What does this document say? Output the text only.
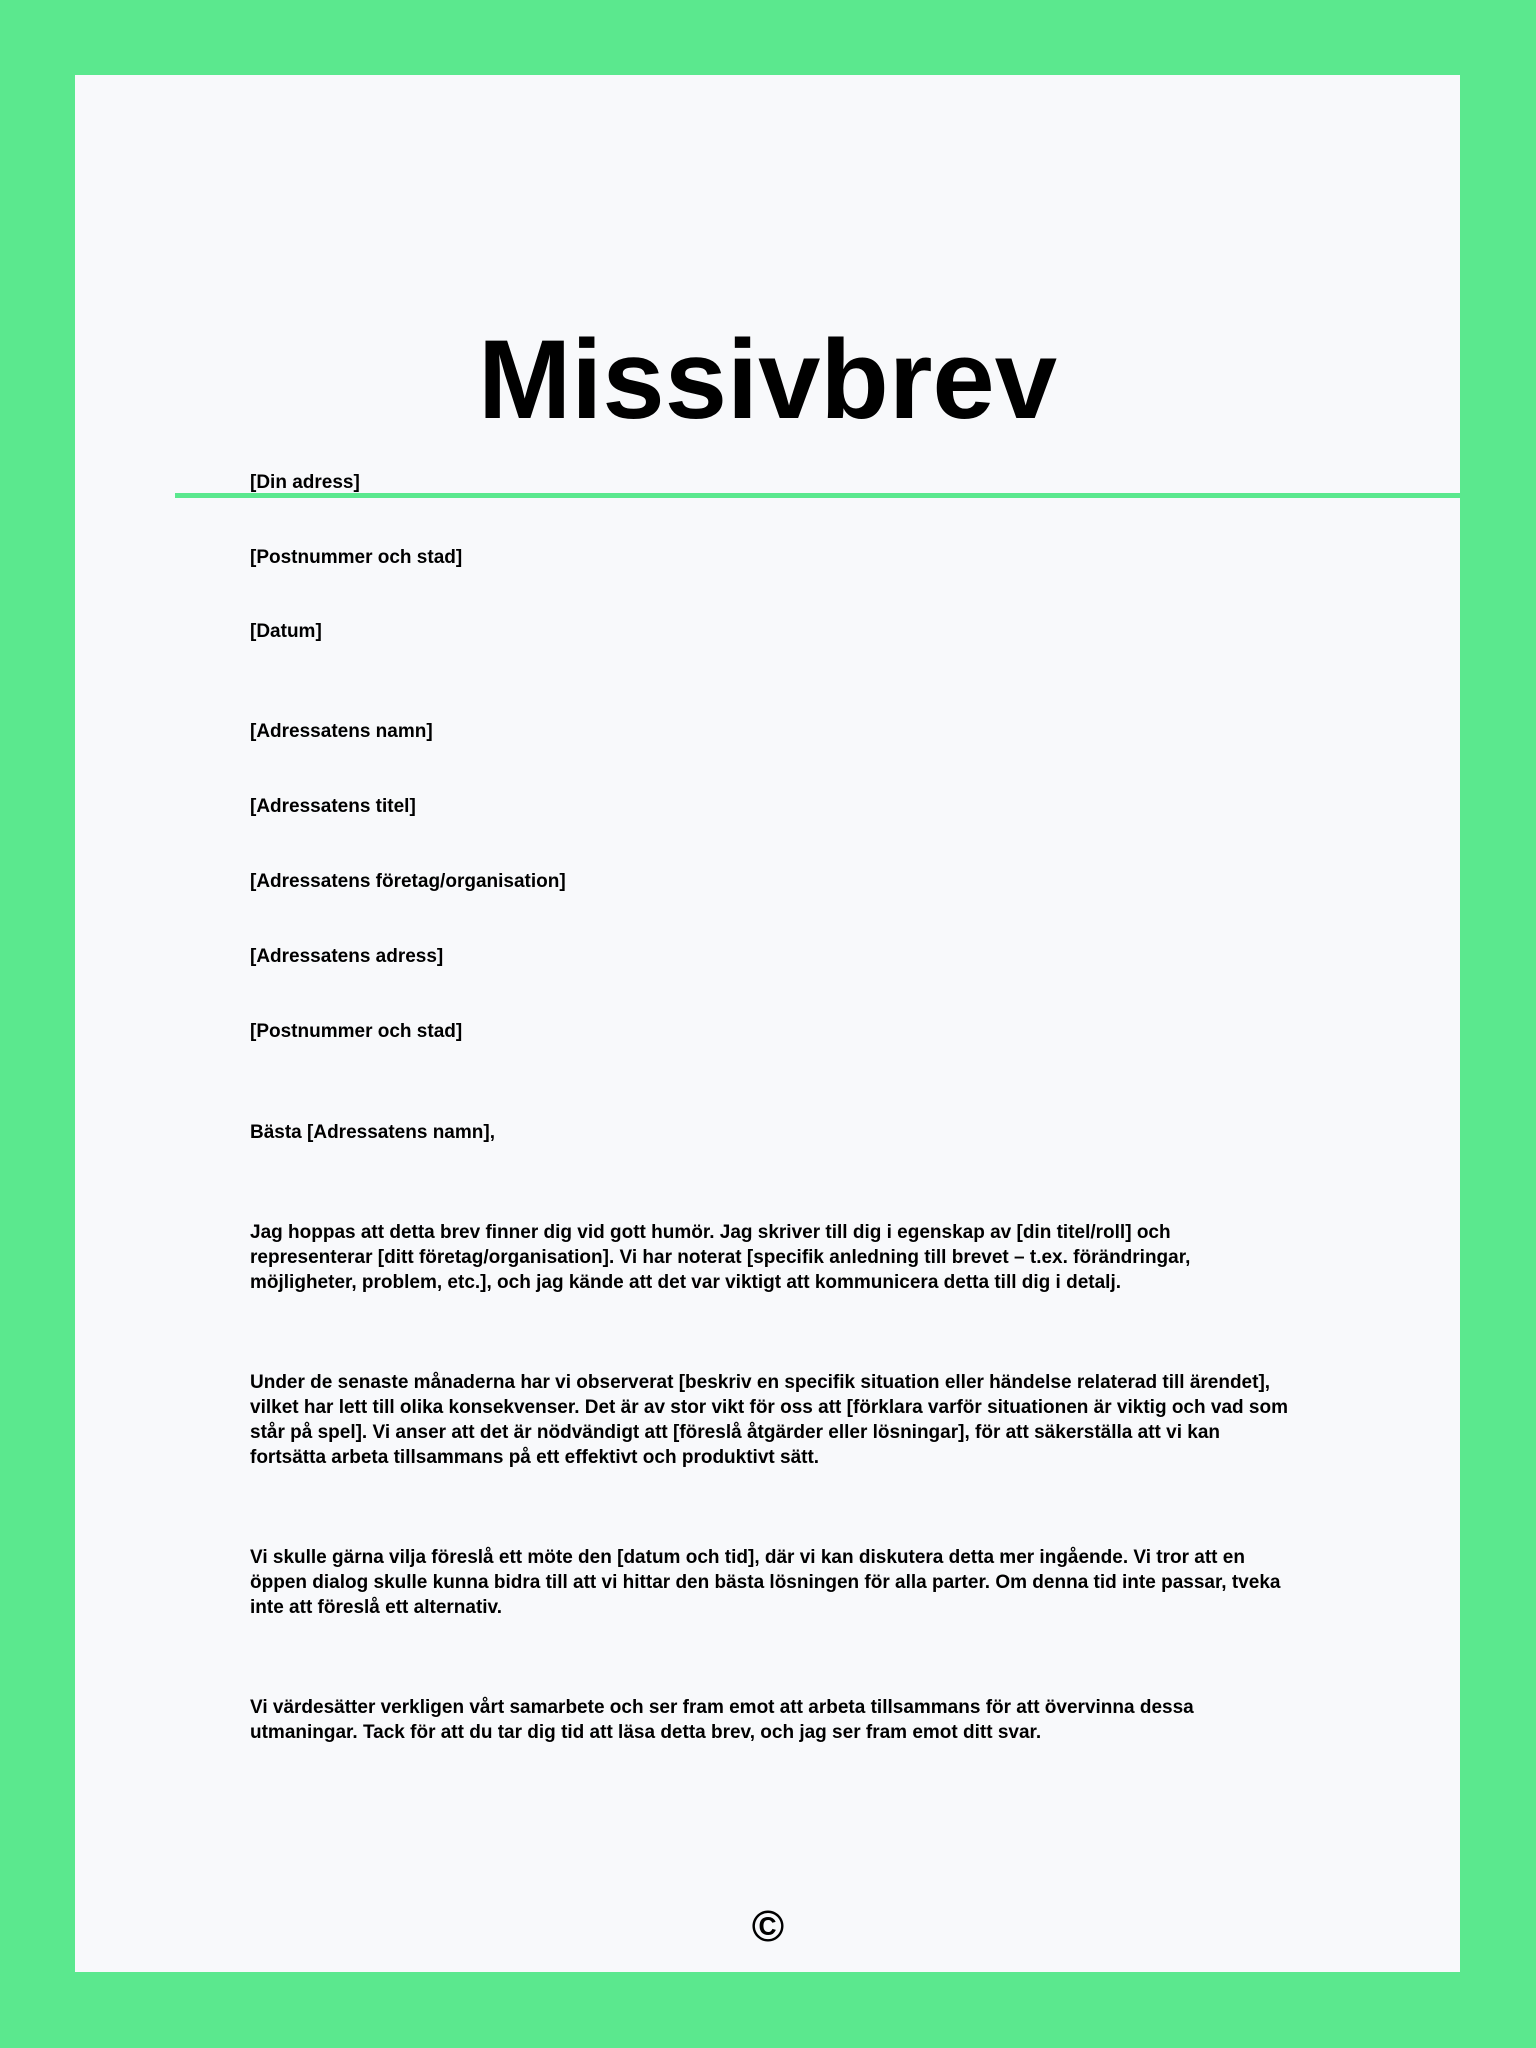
Missivbrev
[Din adress]
[Postnummer och stad]
[Datum]
[Adressatens namn]
[Adressatens titel]
[Adressatens företag/organisation]
[Adressatens adress]
[Postnummer och stad]
Bästa [Adressatens namn],

Jag hoppas att detta brev finner dig vid gott humör. Jag skriver till dig i egenskap av [din titel/roll] och representerar [ditt företag/organisation]. Vi har noterat [specifik anledning till brevet – t.ex. förändringar, möjligheter, problem, etc.], och jag kände att det var viktigt att kommunicera detta till dig i detalj.

Under de senaste månaderna har vi observerat [beskriv en specifik situation eller händelse relaterad till ärendet], vilket har lett till olika konsekvenser. Det är av stor vikt för oss att [förklara varför situationen är viktig och vad som står på spel]. Vi anser att det är nödvändigt att [föreslå åtgärder eller lösningar], för att säkerställa att vi kan fortsätta arbeta tillsammans på ett effektivt och produktivt sätt.

Vi skulle gärna vilja föreslå ett möte den [datum och tid], där vi kan diskutera detta mer ingående. Vi tror att en öppen dialog skulle kunna bidra till att vi hittar den bästa lösningen för alla parter. Om denna tid inte passar, tveka inte att föreslå ett alternativ.

Vi värdesätter verkligen vårt samarbete och ser fram emot att arbeta tillsammans för att övervinna dessa utmaningar. Tack för att du tar dig tid att läsa detta brev, och jag ser fram emot ditt svar.

©
